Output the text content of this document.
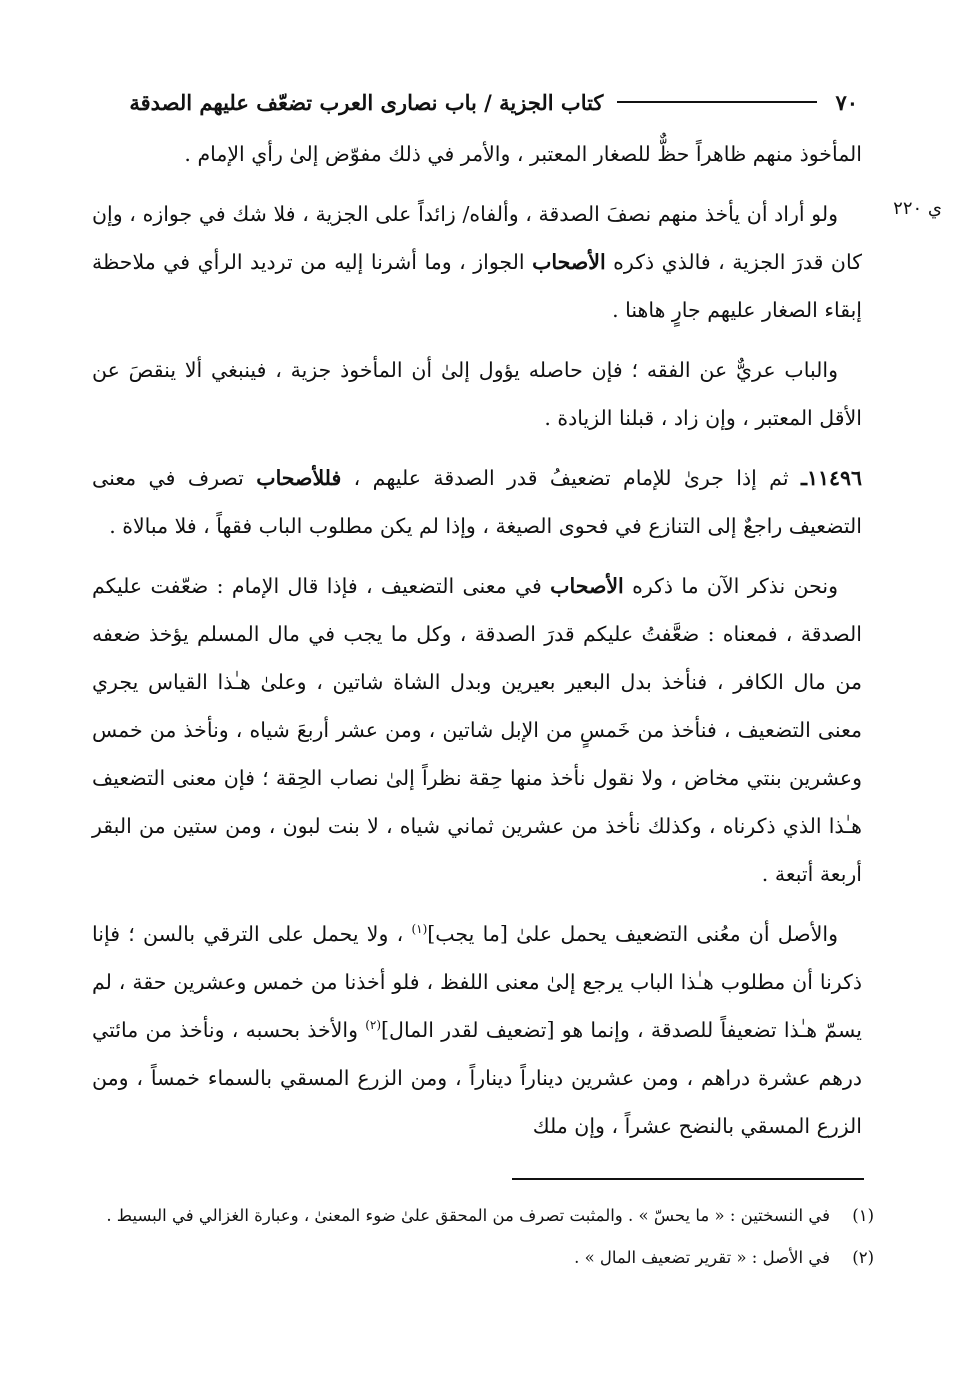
٧٠
كتاب الجزية / باب نصارى العرب تضعّف عليهم الصدقة
ي ٢٢٠

المأخوذ منهم ظاهراً حظٌّ للصغار المعتبر ، والأمر في ذلك مفوّض إلىٰ رأي الإمام .

ولو أراد أن يأخذ منهم نصفَ الصدقة ، وألفاه/ زائداً على الجزية ، فلا شك في جوازه ، وإن كان قدرَ الجزية ، فالذي ذكره الأصحاب الجواز ، وما أشرنا إليه من ترديد الرأي في ملاحظة إبقاء الصغار عليهم جارٍ هاهنا .

والباب عريٌّ عن الفقه ؛ فإن حاصله يؤول إلىٰ أن المأخوذ جزية ، فينبغي ألا ينقصَ عن الأقل المعتبر ، وإن زاد ، قبلنا الزيادة .

١١٤٩٦ـ ثم إذا جرىٰ للإمام تضعيفُ قدر الصدقة عليهم ، فللأصحاب تصرف في معنى التضعيف راجعٌ إلى التنازع في فحوى الصيغة ، وإذا لم يكن مطلوب الباب فقهاً ، فلا مبالاة .

ونحن نذكر الآن ما ذكره الأصحاب في معنى التضعيف ، فإذا قال الإمام : ضعّفت عليكم الصدقة ، فمعناه : ضعَّفتُ عليكم قدرَ الصدقة ، وكل ما يجب في مال المسلم يؤخذ ضعفه من مال الكافر ، فنأخذ بدل البعير بعيرين وبدل الشاة شاتين ، وعلىٰ هـٰذا القياس يجري معنى التضعيف ، فنأخذ من خَمسٍ من الإبل شاتين ، ومن عشر أربعَ شياه ، ونأخذ من خمس وعشرين بنتي مخاض ، ولا نقول نأخذ منها حِقة نظراً إلىٰ نصاب الحِقة ؛ فإن معنى التضعيف هـٰذا الذي ذكرناه ، وكذلك نأخذ من عشرين ثماني شياه ، لا بنت لبون ، ومن ستين من البقر أربعة أتبعة .

والأصل أن معُنى التضعيف يحمل علىٰ [ما يجب]$^{(١)}$ ، ولا يحمل على الترقي بالسن ؛ فإنا ذكرنا أن مطلوب هـٰذا الباب يرجع إلىٰ معنى اللفظ ، فلو أخذنا من خمس وعشرين حقة ، لم يسمّ هـٰذا تضعيفاً للصدقة ، وإنما هو [تضعيف لقدر المال]$^{(٢)}$ والأخذ بحسبه ، ونأخذ من مائتي درهم عشرة دراهم ، ومن عشرين ديناراً ديناراً ، ومن الزرع المسقي بالسماء خمساً ، ومن الزرع المسقي بالنضح عشراً ، وإن ملك

(١)
في النسختين : « ما يحسّ » . والمثبت تصرف من المحقق علىٰ ضوء المعنىٰ ، وعبارة الغزالي في البسيط .
(٢)
في الأصل : « تقرير تضعيف المال » .
